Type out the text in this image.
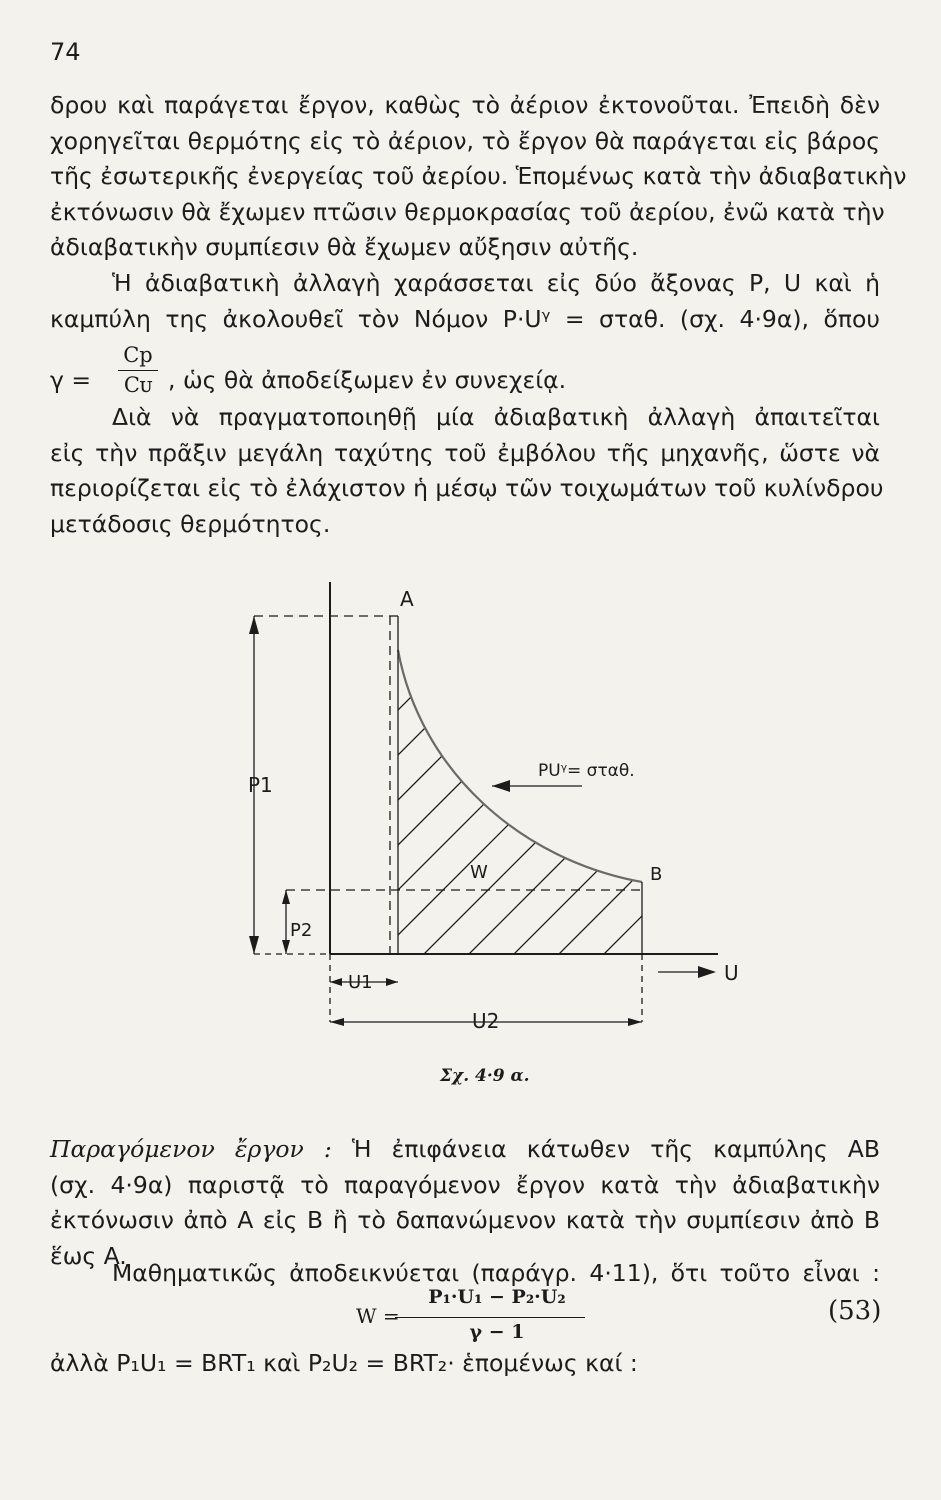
74
δρου καὶ παράγεται ἔργον, καθὼς τὸ ἀέριον ἐκτονοῦται. Ἐπειδὴ δὲν
χορηγεῖται θερμότης εἰς τὸ ἀέριον, τὸ ἔργον θὰ παράγεται εἰς βάρος
τῆς ἐσωτερικῆς ἐνεργείας τοῦ ἀερίου. Ἑπομένως κατὰ τὴν ἀδιαβατικὴν
ἐκτόνωσιν θὰ ἔχωμεν πτῶσιν θερμοκρασίας τοῦ ἀερίου, ἐνῶ κατὰ τὴν
ἀδιαβατικὴν συμπίεσιν θὰ ἔχωμεν αὔξησιν αὐτῆς.
Ἡ ἀδιαβατικὴ ἀλλαγὴ χαράσσεται εἰς δύο ἄξονας P, U καὶ ἡ
καμπύλη της ἀκολουθεῖ τὸν Νόμον P·Uᵞ = σταθ. (σχ. 4·9α), ὅπου
γ =
Cp
Cᴜ , ὡς θὰ ἀποδείξωμεν ἐν συνεχείᾳ.
Διὰ νὰ πραγματοποιηθῇ μία ἀδιαβατικὴ ἀλλαγὴ ἀπαιτεῖται
εἰς τὴν πρᾶξιν μεγάλη ταχύτης τοῦ ἐμβόλου τῆς μηχανῆς, ὥστε νὰ
περιορίζεται εἰς τὸ ἐλάχιστον ἡ μέσῳ τῶν τοιχωμάτων τοῦ κυλίνδρου
μετάδοσις θερμότητος.
A
B
W
P1
P2
U1
U2
U
PUᵞ= σταθ.
Σχ. 4·9 α.
Παραγόμενον ἔργον : Ἡ ἐπιφάνεια κάτωθεν τῆς καμπύλης AB
(σχ. 4·9α) παριστᾷ τὸ παραγόμενον ἔργον κατὰ τὴν ἀδιαβατικὴν
ἐκτόνωσιν ἀπὸ A εἰς B ἢ τὸ δαπανώμενον κατὰ τὴν συμπίεσιν ἀπὸ B
ἕως A.
Μαθηματικῶς ἀποδεικνύεται (παράγρ. 4·11), ὅτι τοῦτο εἶναι :
W =
P₁·U₁ − P₂·U₂
γ − 1
(53)
ἀλλὰ P₁U₁ = BRT₁ καὶ P₂U₂ = BRT₂· ἑπομένως καί :
